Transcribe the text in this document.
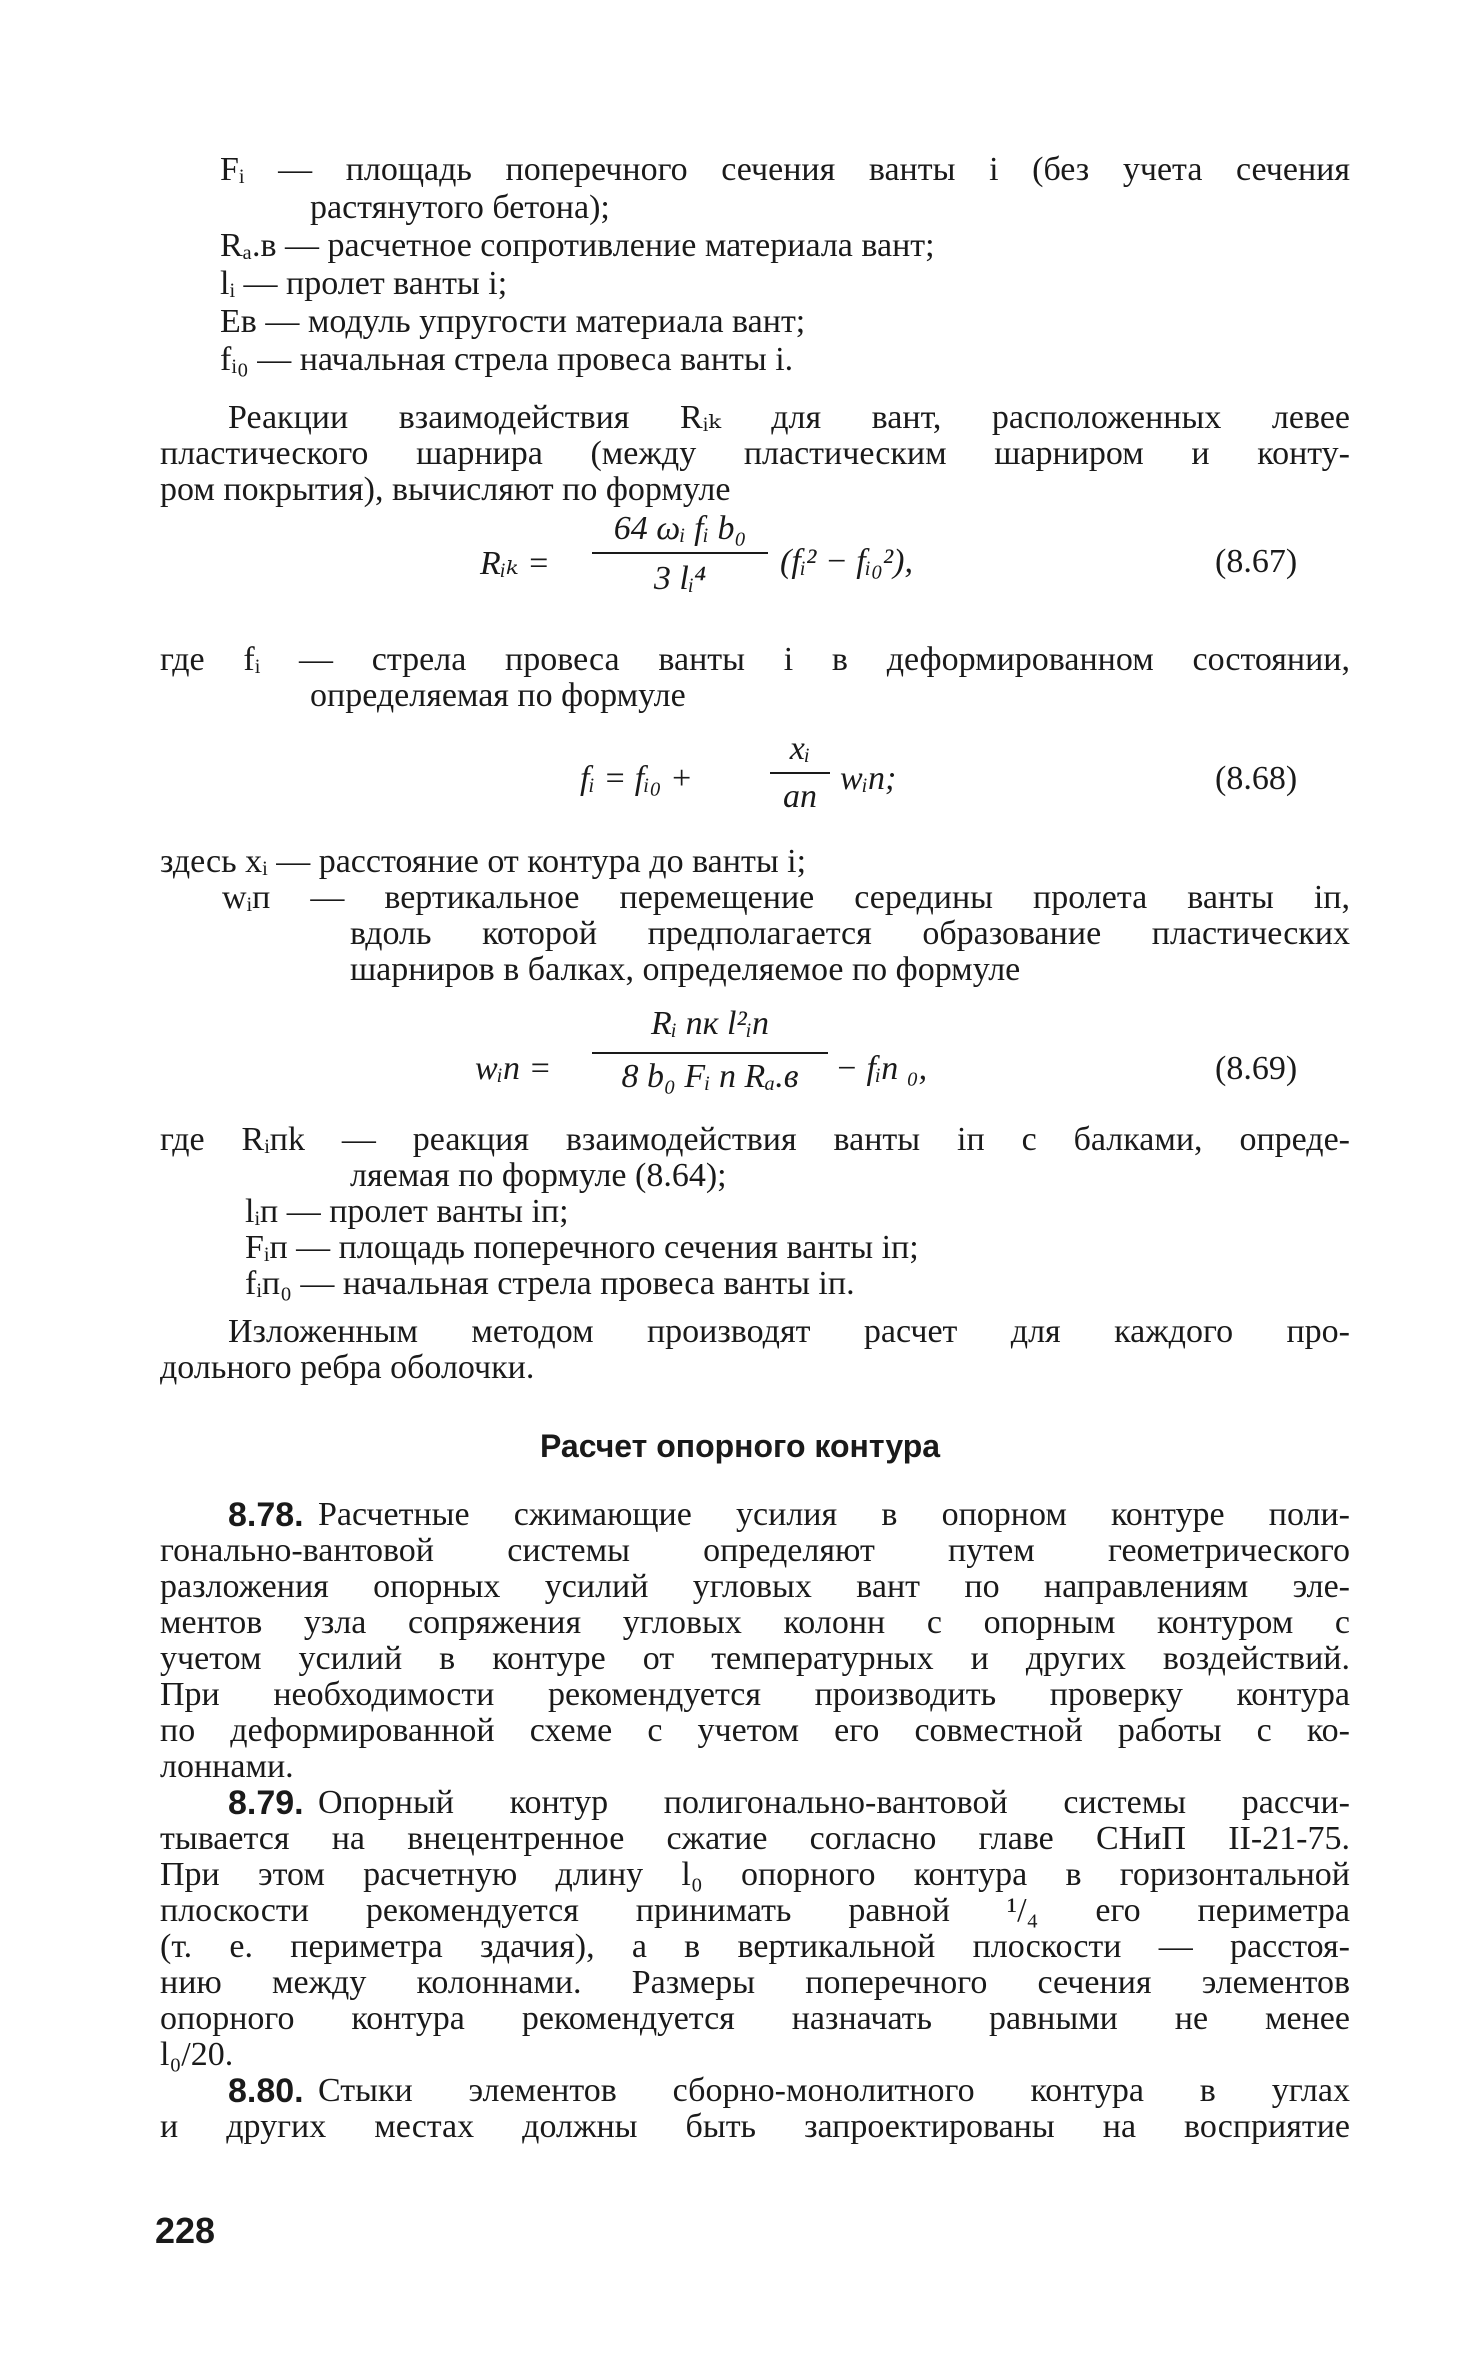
Fᵢ — площадь поперечного сечения ванты i (без учета сечения
растянутого бетона);
Rₐ.в — расчетное сопротивление материала вант;
lᵢ — пролет ванты i;
Eв — модуль упругости материала вант;
fᵢ₀ — начальная стрела провеса ванты i.
Реакции взаимодействия Rᵢₖ для вант, расположенных левее
пластического шарнира (между пластическим шарниром и конту-
ром покрытия), вычисляют по формуле
Rᵢₖ =
64 ωᵢ fᵢ b₀
3 lᵢ⁴	(fᵢ² − fᵢ₀²),	(8.67)
где fᵢ — стрела провеса ванты i в деформированном состоянии,
определяемая по формуле
fᵢ = fᵢ₀ +
xᵢ
aп wᵢп;	(8.68)
здесь xᵢ — расстояние от контура до ванты i;
wᵢп — вертикальное перемещение середины пролета ванты iп,
вдоль которой предполагается образование пластических
шарниров в балках, определяемое по формуле
wᵢп =
Rᵢ пк l²ᵢп
8 b₀ Fᵢ п Rₐ.в	− fᵢп ₀,	(8.69)
где Rᵢпk — реакция взаимодействия ванты iп с балками, опреде-
ляемая по формуле (8.64);
lᵢп — пролет ванты iп;
Fᵢп — площадь поперечного сечения ванты iп;
fᵢп₀ — начальная стрела провеса ванты iп.
Изложенным методом производят расчет для каждого про-
дольного ребра оболочки.
Расчет опорного контура
8.78. Расчетные сжимающие усилия в опорном контуре поли-
гонально-вантовой системы определяют путем геометрического
разложения опорных усилий угловых вант по направлениям эле-
ментов узла сопряжения угловых колонн с опорным контуром с
учетом усилий в контуре от температурных и других воздействий.
При необходимости рекомендуется производить проверку контура
по деформированной схеме с учетом его совместной работы с ко-
лоннами.
8.79. Опорный контур полигонально-вантовой системы рассчи-
тывается на внецентренное сжатие согласно главе СНиП II-21-75.
При этом расчетную длину l₀ опорного контура в горизонтальной
плоскости рекомендуется принимать равной ¹/₄ его периметра
(т. е. периметра здачия), а в вертикальной плоскости — расстоя-
нию между колоннами. Размеры поперечного сечения элементов
опорного контура рекомендуется назначать равными не менее
l₀/20.
8.80. Стыки элементов сборно-монолитного контура в углах
и других местах должны быть запроектированы на восприятие
228
